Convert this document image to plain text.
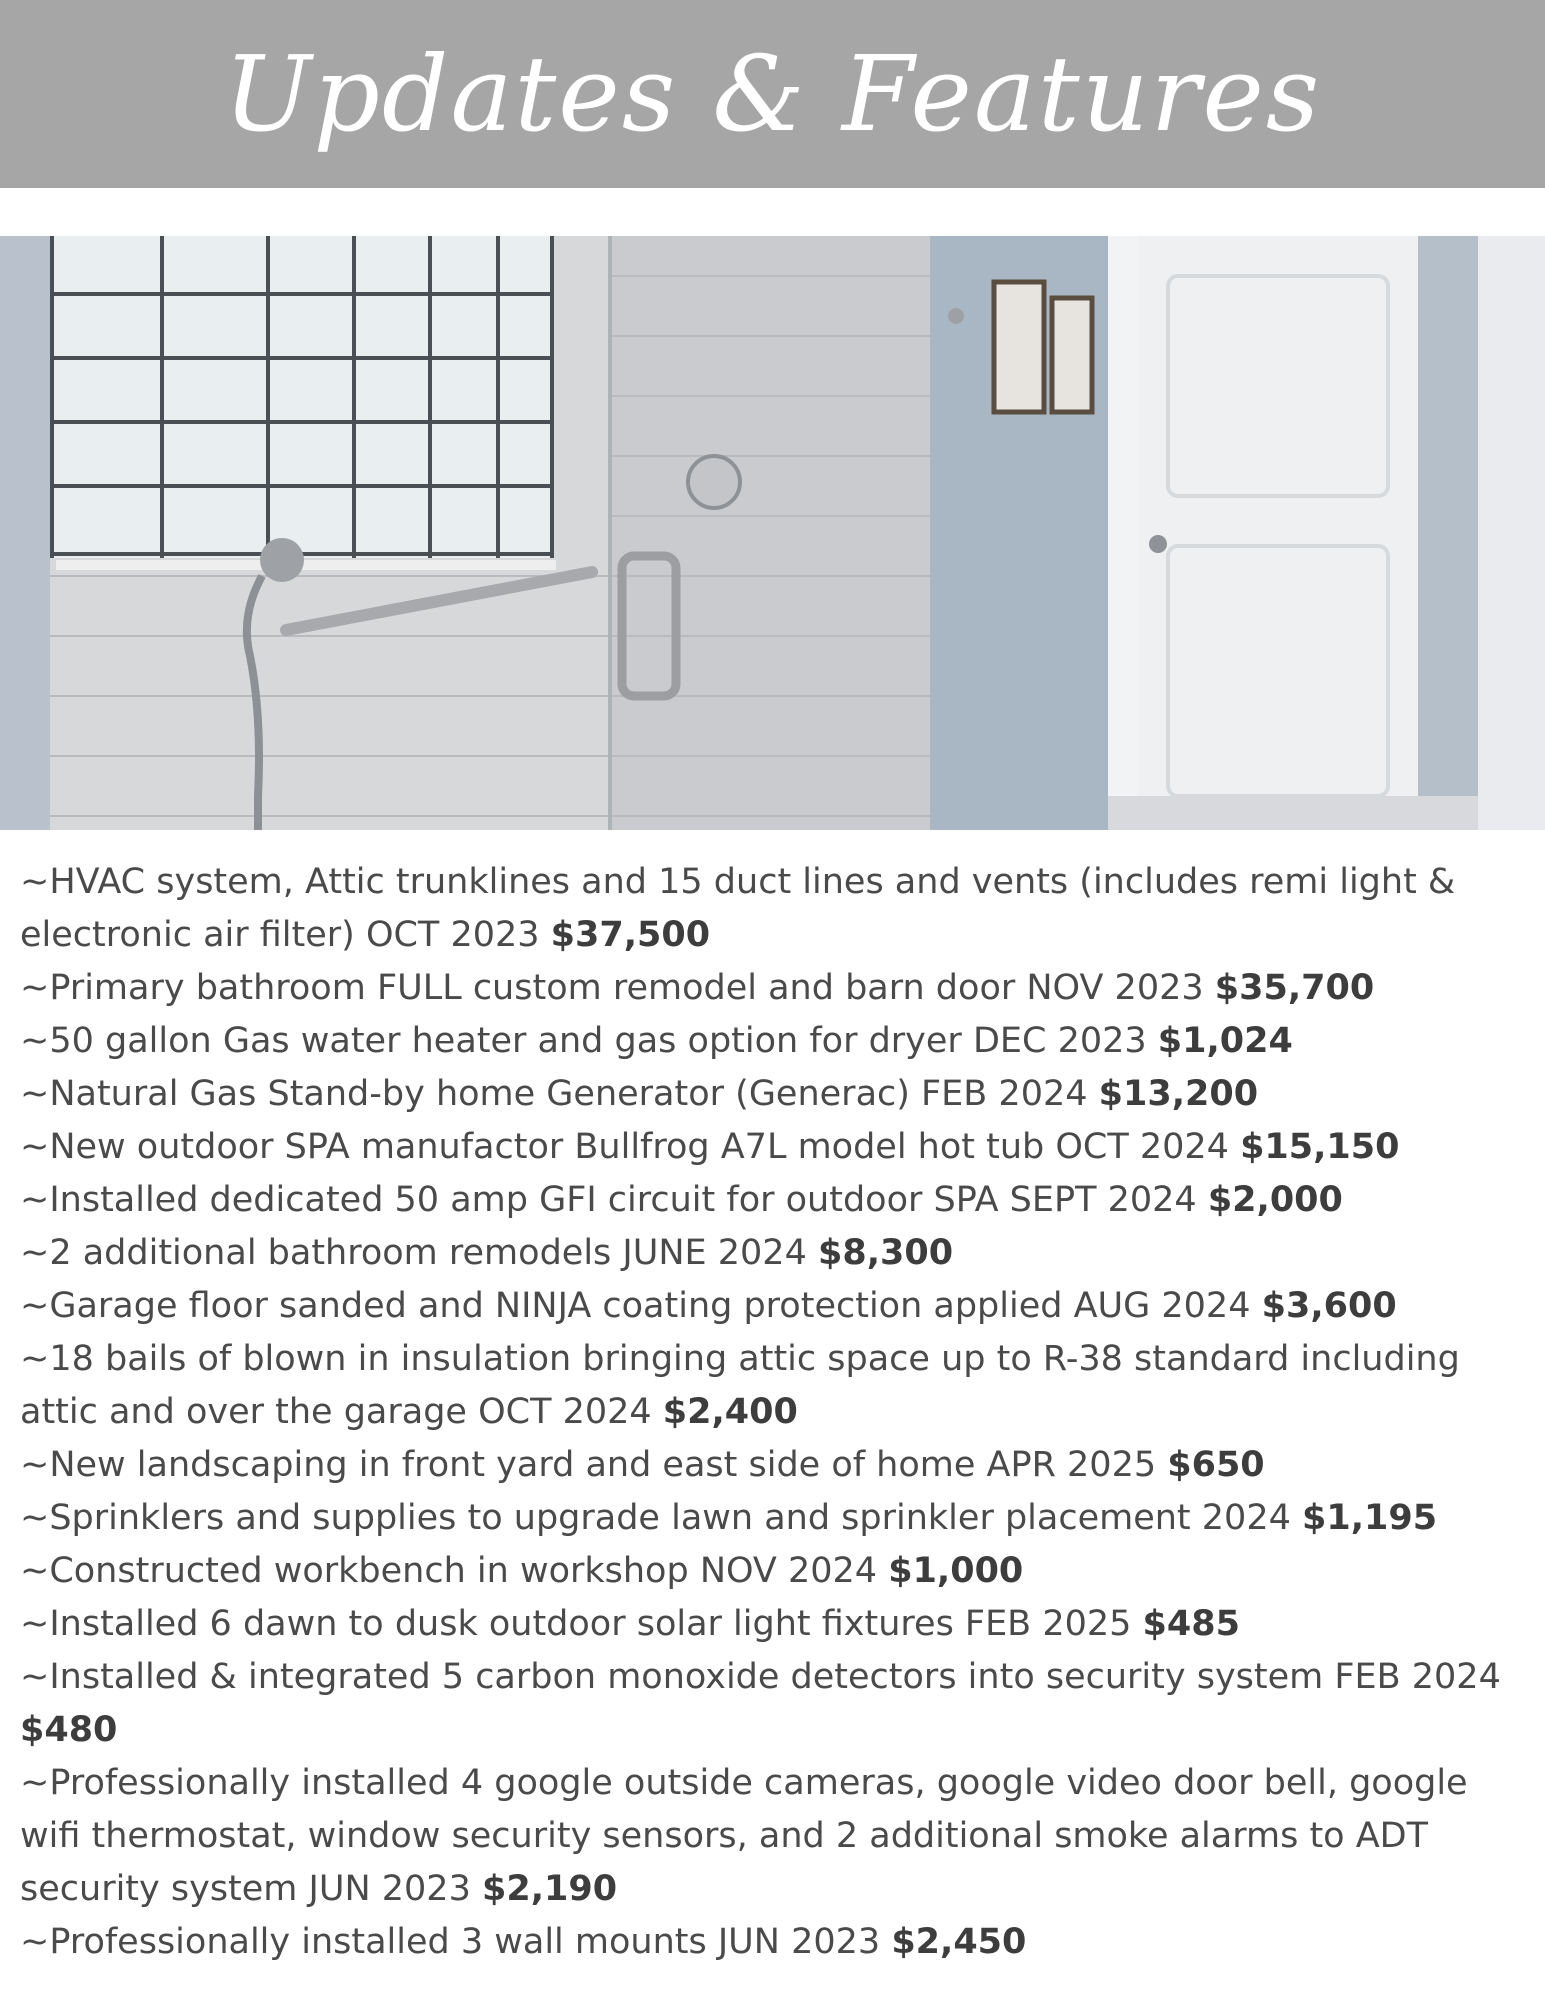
Updates & Features
~HVAC system, Attic trunklines and 15 duct lines and vents (includes remi light & electronic air filter) OCT 2023 $37,500
~Primary bathroom FULL custom remodel and barn door NOV 2023 $35,700
~50 gallon Gas water heater and gas option for dryer DEC 2023 $1,024
~Natural Gas Stand-by home Generator (Generac) FEB 2024 $13,200
~New outdoor SPA manufactor Bullfrog A7L model hot tub OCT 2024 $15,150
~Installed dedicated 50 amp GFI circuit for outdoor SPA SEPT 2024 $2,000
~2 additional bathroom remodels JUNE 2024 $8,300
~Garage floor sanded and NINJA coating protection applied AUG 2024 $3,600
~18 bails of blown in insulation bringing attic space up to R-38 standard including attic and over the garage OCT 2024 $2,400
~New landscaping in front yard and east side of home APR 2025 $650
~Sprinklers and supplies to upgrade lawn and sprinkler placement 2024 $1,195
~Constructed workbench in workshop NOV 2024 $1,000
~Installed 6 dawn to dusk outdoor solar light fixtures FEB 2025 $485
~Installed & integrated 5 carbon monoxide detectors into security system FEB 2024 $480
~Professionally installed 4 google outside cameras, google video door bell, google wifi thermostat, window security sensors, and 2 additional smoke alarms to ADT security system JUN 2023 $2,190
~Professionally installed 3 wall mounts JUN 2023 $2,450
